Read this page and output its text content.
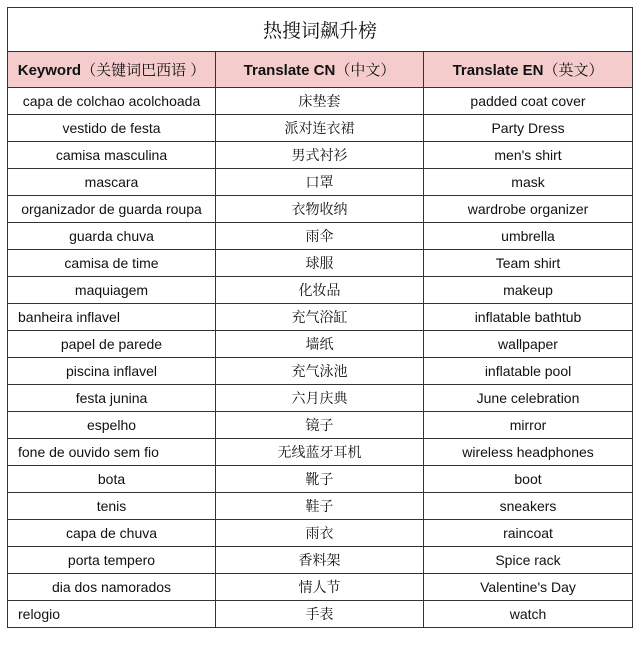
热搜词飙升榜		
Keyword（关键词巴西语 ）	Translate CN（中文）	Translate EN（英文）
capa de colchao acolchoada	床垫套	padded coat cover
vestido de festa	派对连衣裙	Party Dress
camisa masculina	男式衬衫	men's shirt
mascara	口罩	mask
organizador de guarda roupa	衣物收纳	wardrobe organizer
guarda chuva	雨伞	umbrella
camisa de time	球服	Team shirt
maquiagem	化妆品	makeup
banheira inflavel	充气浴缸	inflatable bathtub
papel de parede	墙纸	wallpaper
piscina inflavel	充气泳池	inflatable pool
festa junina	六月庆典	June celebration
espelho	镜子	mirror
fone de ouvido sem fio	无线蓝牙耳机	wireless headphones
bota	靴子	boot
tenis	鞋子	sneakers
capa de chuva	雨衣	raincoat
porta tempero	香料架	Spice rack
dia dos namorados	情人节	Valentine's Day
relogio	手表	watch
